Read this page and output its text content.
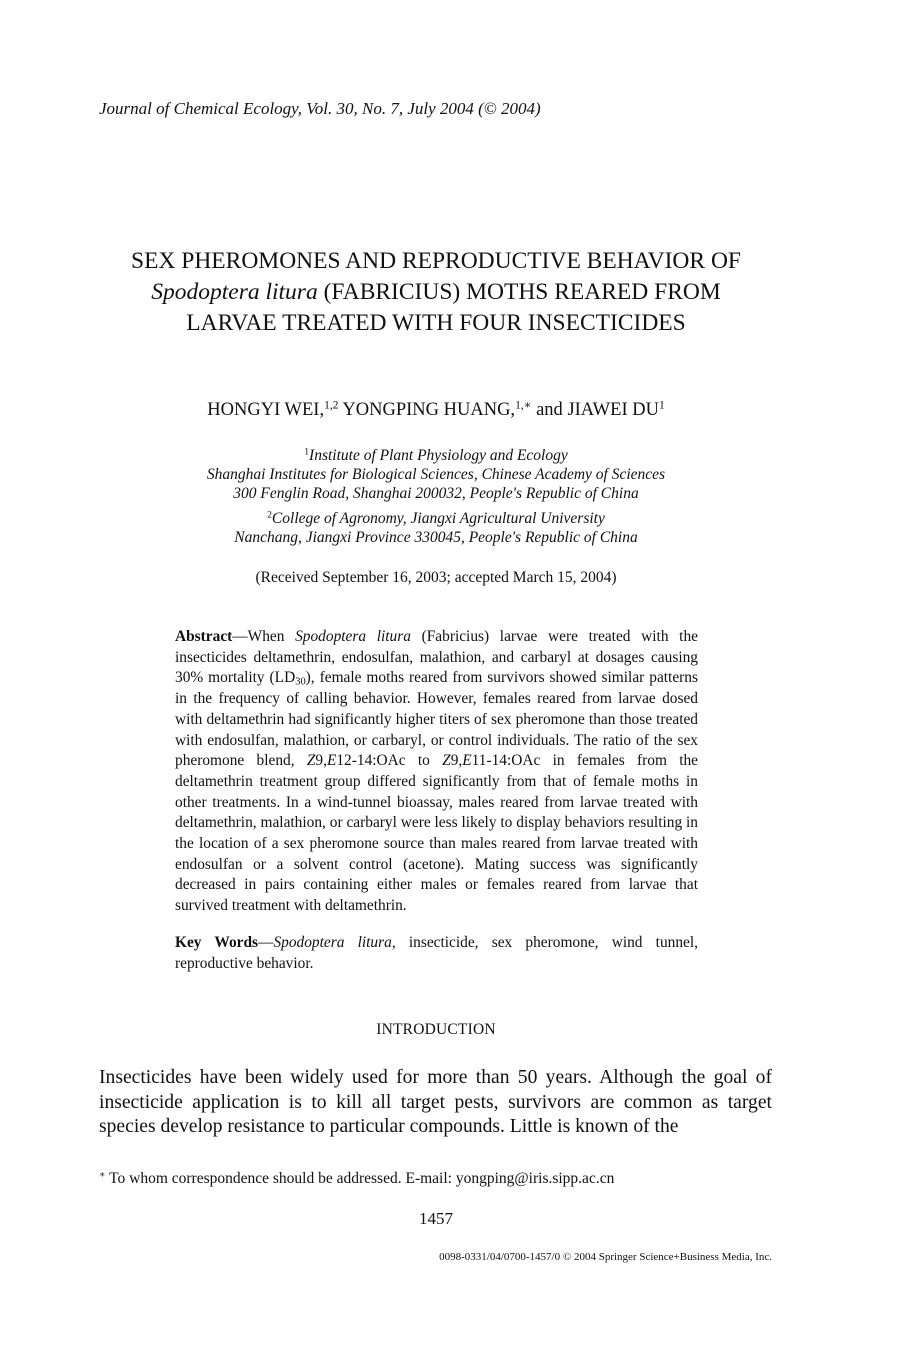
Journal of Chemical Ecology, Vol. 30, No. 7, July 2004 (© 2004)
SEX PHEROMONES AND REPRODUCTIVE BEHAVIOR OF
Spodoptera litura (FABRICIUS) MOTHS REARED FROM
LARVAE TREATED WITH FOUR INSECTICIDES
HONGYI WEI,$^{1,2}$ YONGPING HUANG,$^{1,∗}$ and JIAWEI $DU^1$
$^1$Institute of Plant Physiology and Ecology
Shanghai Institutes for Biological Sciences, Chinese Academy of Sciences
300 Fenglin Road, Shanghai 200032, People's Republic of China
$^2$College of Agronomy, Jiangxi Agricultural University
Nanchang, Jiangxi Province 330045, People's Republic of China
(Received September 16, 2003; accepted March 15, 2004)
Abstract—When Spodoptera litura (Fabricius) larvae were treated with the insecticides deltamethrin, endosulfan, malathion, and carbaryl at dosages causing 30% mortality $(LD_{30})$, female moths reared from survivors showed similar patterns in the frequency of calling behavior. However, females reared from larvae dosed with deltamethrin had significantly higher titers of sex pheromone than those treated with endosulfan, malathion, or carbaryl, or control individuals. The ratio of the sex pheromone blend, Z9,E12-14:OAc to Z9,E11-14:OAc in females from the deltamethrin treatment group differed significantly from that of female moths in other treatments. In a wind-tunnel bioassay, males reared from larvae treated with deltamethrin, malathion, or carbaryl were less likely to display behaviors resulting in the location of a sex pheromone source than males reared from larvae treated with endosulfan or a solvent control (acetone). Mating success was significantly decreased in pairs containing either males or females reared from larvae that survived treatment with deltamethrin.
Key Words—Spodoptera litura, insecticide, sex pheromone, wind tunnel, reproductive behavior.
INTRODUCTION
Insecticides have been widely used for more than 50 years. Although the goal of insecticide application is to kill all target pests, survivors are common as target species develop resistance to particular compounds. Little is known of the
∗ To whom correspondence should be addressed. E-mail: yongping@iris.sipp.ac.cn
1457
0098-0331/04/0700-1457/0 © 2004 Springer Science+Business Media, Inc.
